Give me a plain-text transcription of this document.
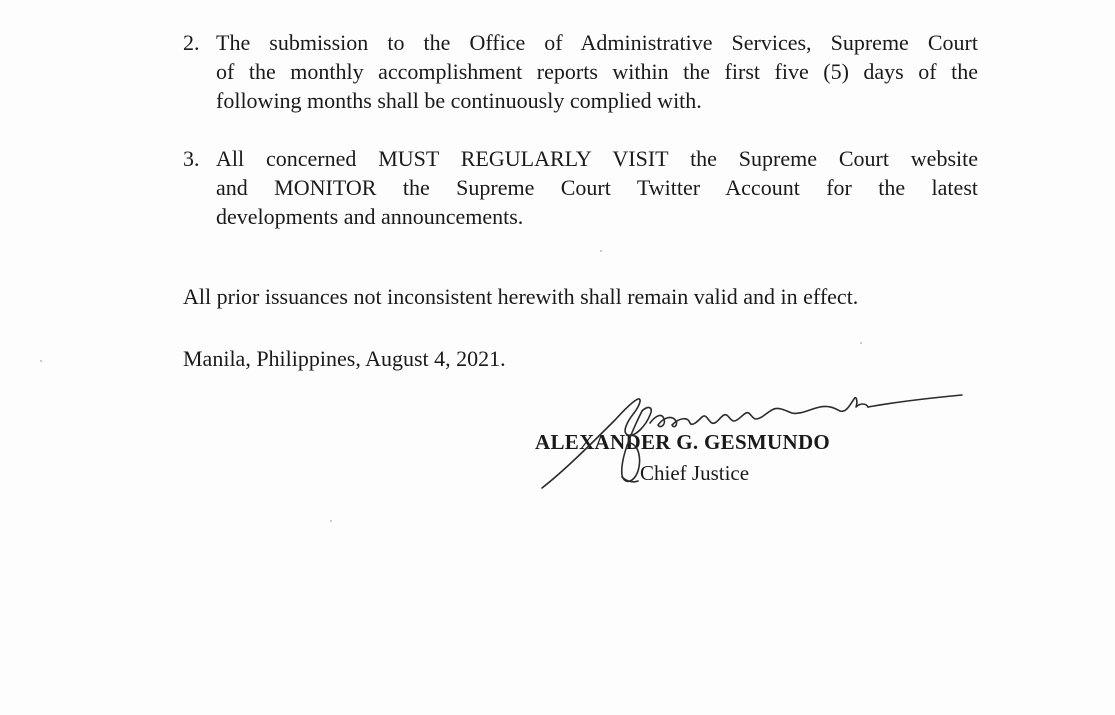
2. The submission to the Office of Administrative Services, Supreme Court
of the monthly accomplishment reports within the first five (5) days of the
following months shall be continuously complied with.
3. All concerned MUST REGULARLY VISIT the Supreme Court website
and MONITOR the Supreme Court Twitter Account for the latest
developments and announcements.

All prior issuances not inconsistent herewith shall remain valid and in effect.

Manila, Philippines, August 4, 2021.

ALEXANDER G. GESMUNDO
Chief Justice
